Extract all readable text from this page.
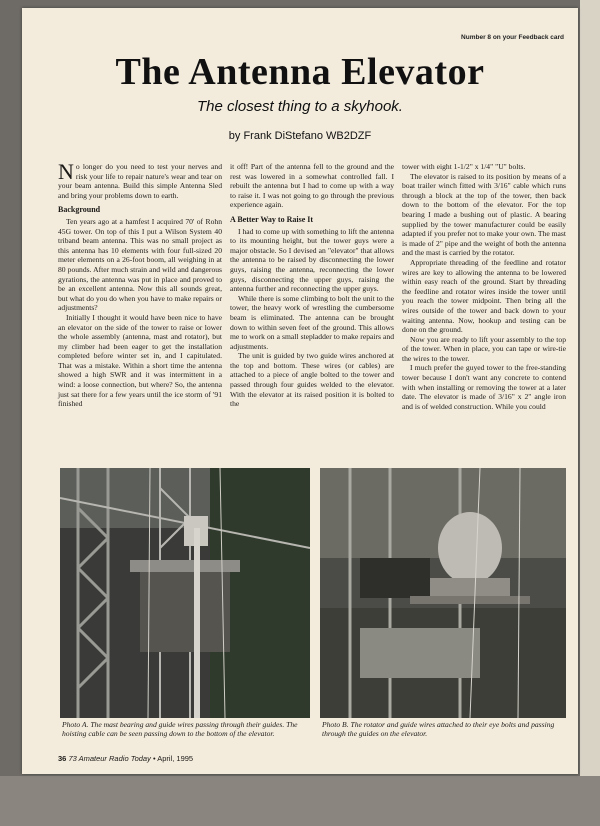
Number 8 on your Feedback card
The Antenna Elevator
The closest thing to a skyhook.
by Frank DiStefano WB2DZF

No longer do you need to test your nerves and risk your life to repair nature's wear and tear on your beam antenna. Build this simple Antenna Sled and bring your problems down to earth.

Background

Ten years ago at a hamfest I acquired 70' of Rohn 45G tower. On top of this I put a Wilson System 40 triband beam antenna. This was no small project as this antenna has 10 elements with four full-sized 20 meter elements on a 26-foot boom, all weighing in at 80 pounds. After much strain and wild and dangerous gyrations, the antenna was put in place and proved to be an excellent antenna. Now this all sounds great, but what do you do when you have to make repairs or adjustments?

Initially I thought it would have been nice to have an elevator on the side of the tower to raise or lower the whole assembly (antenna, mast and rotator), but my climber had been eager to get the installation completed before winter set in, and I capitulated. That was a mistake. Within a short time the antenna showed a high SWR and it was intermittent in a wind: a loose connection, but where? So, the antenna just sat there for a few years until the ice storm of '91 finished

it off! Part of the antenna fell to the ground and the rest was lowered in a somewhat controlled fall. I rebuilt the antenna but I had to come up with a way to raise it. I was not going to go through the previous experience again.

A Better Way to Raise It

I had to come up with something to lift the antenna to its mounting height, but the tower guys were a major obstacle. So I devised an "elevator" that allows the antenna to be raised by disconnecting the lower guys, raising the antenna, reconnecting the lower guys, disconnecting the upper guys, raising the antenna further and reconnecting the upper guys.

While there is some climbing to bolt the unit to the tower, the heavy work of wrestling the cumbersome beam is eliminated. The antenna can be brought down to within seven feet of the ground. This allows me to work on a small stepladder to make repairs and adjustments.

The unit is guided by two guide wires anchored at the top and bottom. These wires (or cables) are attached to a piece of angle bolted to the tower and passed through four guides welded to the elevator. With the elevator at its raised position it is bolted to the

tower with eight 1-1/2" x 1/4" "U" bolts.

The elevator is raised to its position by means of a boat trailer winch fitted with 3/16" cable which runs through a block at the top of the tower, then back down to the bottom of the elevator. For the top bearing I made a bushing out of plastic. A bearing supplied by the tower manufacturer could be easily adapted if you prefer not to make your own. The mast is made of 2" pipe and the weight of both the antenna and the mast is carried by the rotator.

Appropriate threading of the feedline and rotator wires are key to allowing the antenna to be lowered within easy reach of the ground. Start by threading the feedline and rotator wires inside the tower until you reach the tower midpoint. Then bring all the wires outside of the tower and back down to your waiting antenna. Now, hookup and testing can be done on the ground.

Now you are ready to lift your assembly to the top of the tower. When in place, you can tape or wire-tie the wires to the tower.

I much prefer the guyed tower to the free-standing tower because I don't want any concrete to contend with when installing or removing the tower at a later date. The elevator is made of 3/16" x 2" angle iron and is of welded construction. While you could

Photo A. The mast bearing and guide wires passing through their guides. The hoisting cable can be seen passing down to the bottom of the elevator.
Photo B. The rotator and guide wires attached to their eye bolts and passing through the guides on the elevator.
36 73 Amateur Radio Today • April, 1995
